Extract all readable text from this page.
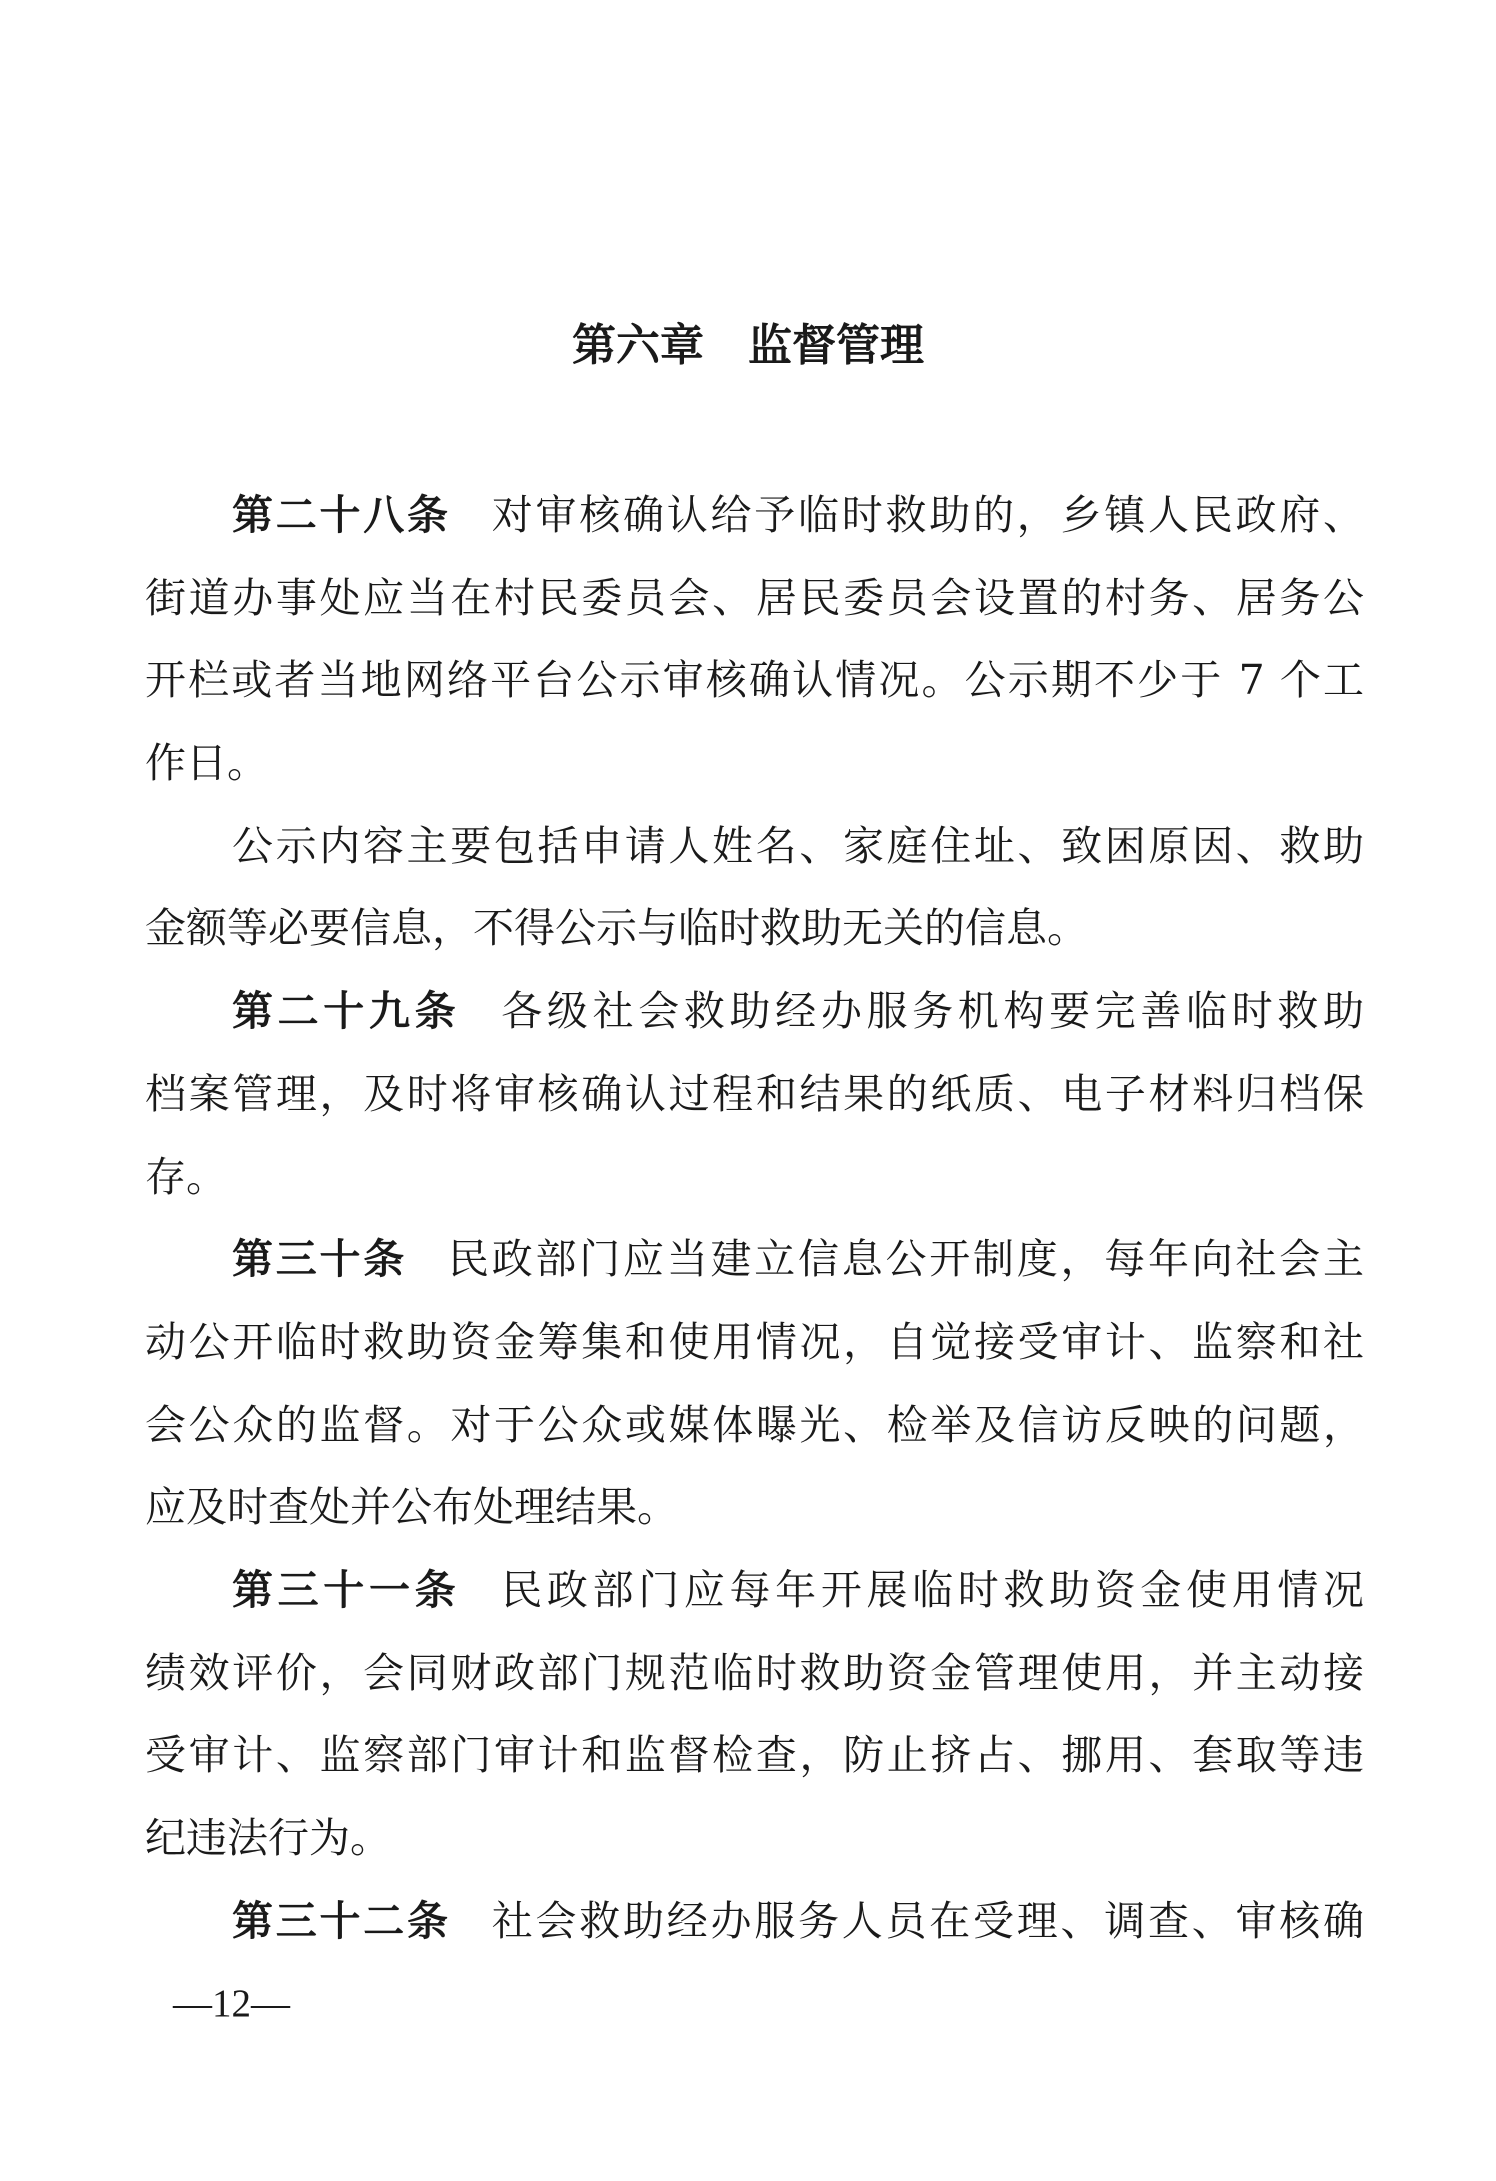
第六章　监督管理
第二十八条 对审核确认给予临时救助的，乡镇人民政府、
街道办事处应当在村民委员会、居民委员会设置的村务、居务公
开栏或者当地网络平台公示审核确认情况。公示期不少于 7 个工
作日。
公示内容主要包括申请人姓名、家庭住址、致困原因、救助
金额等必要信息，不得公示与临时救助无关的信息。
第二十九条 各级社会救助经办服务机构要完善临时救助
档案管理，及时将审核确认过程和结果的纸质、电子材料归档保
存。
第三十条 民政部门应当建立信息公开制度，每年向社会主
动公开临时救助资金筹集和使用情况，自觉接受审计、监察和社
会公众的监督。对于公众或媒体曝光、检举及信访反映的问题，
应及时查处并公布处理结果。
第三十一条 民政部门应每年开展临时救助资金使用情况
绩效评价，会同财政部门规范临时救助资金管理使用，并主动接
受审计、监察部门审计和监督检查，防止挤占、挪用、套取等违
纪违法行为。
第三十二条 社会救助经办服务人员在受理、调查、审核确
—12—
